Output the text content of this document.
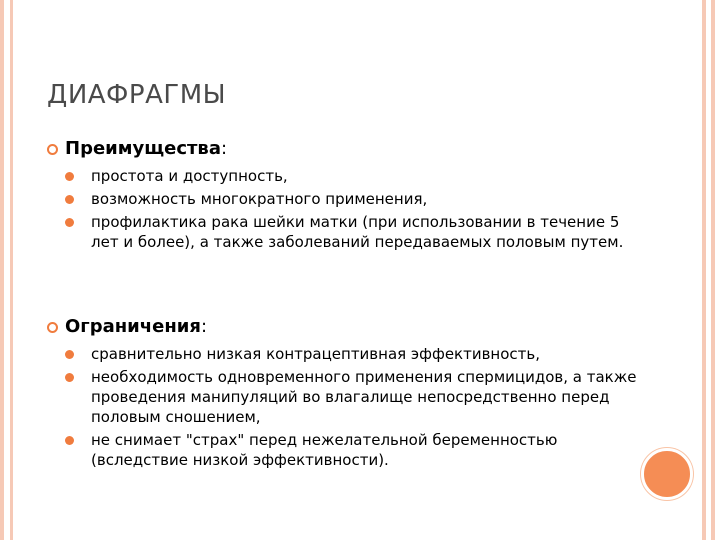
ДИАФРАГМЫ
Преимущества:
простота и доступность,
возможность многократного применения,
профилактика рака шейки матки (при использовании в течение 5 лет и более), а также заболеваний передаваемых половым путем.
Ограничения:
сравнительно низкая контрацептивная эффективность,
необходимость одновременного применения спермицидов, а также проведения манипуляций во влагалище непосредственно перед половым сношением,
не снимает "страх" перед нежелательной беременностью (вследствие низкой эффективности).
